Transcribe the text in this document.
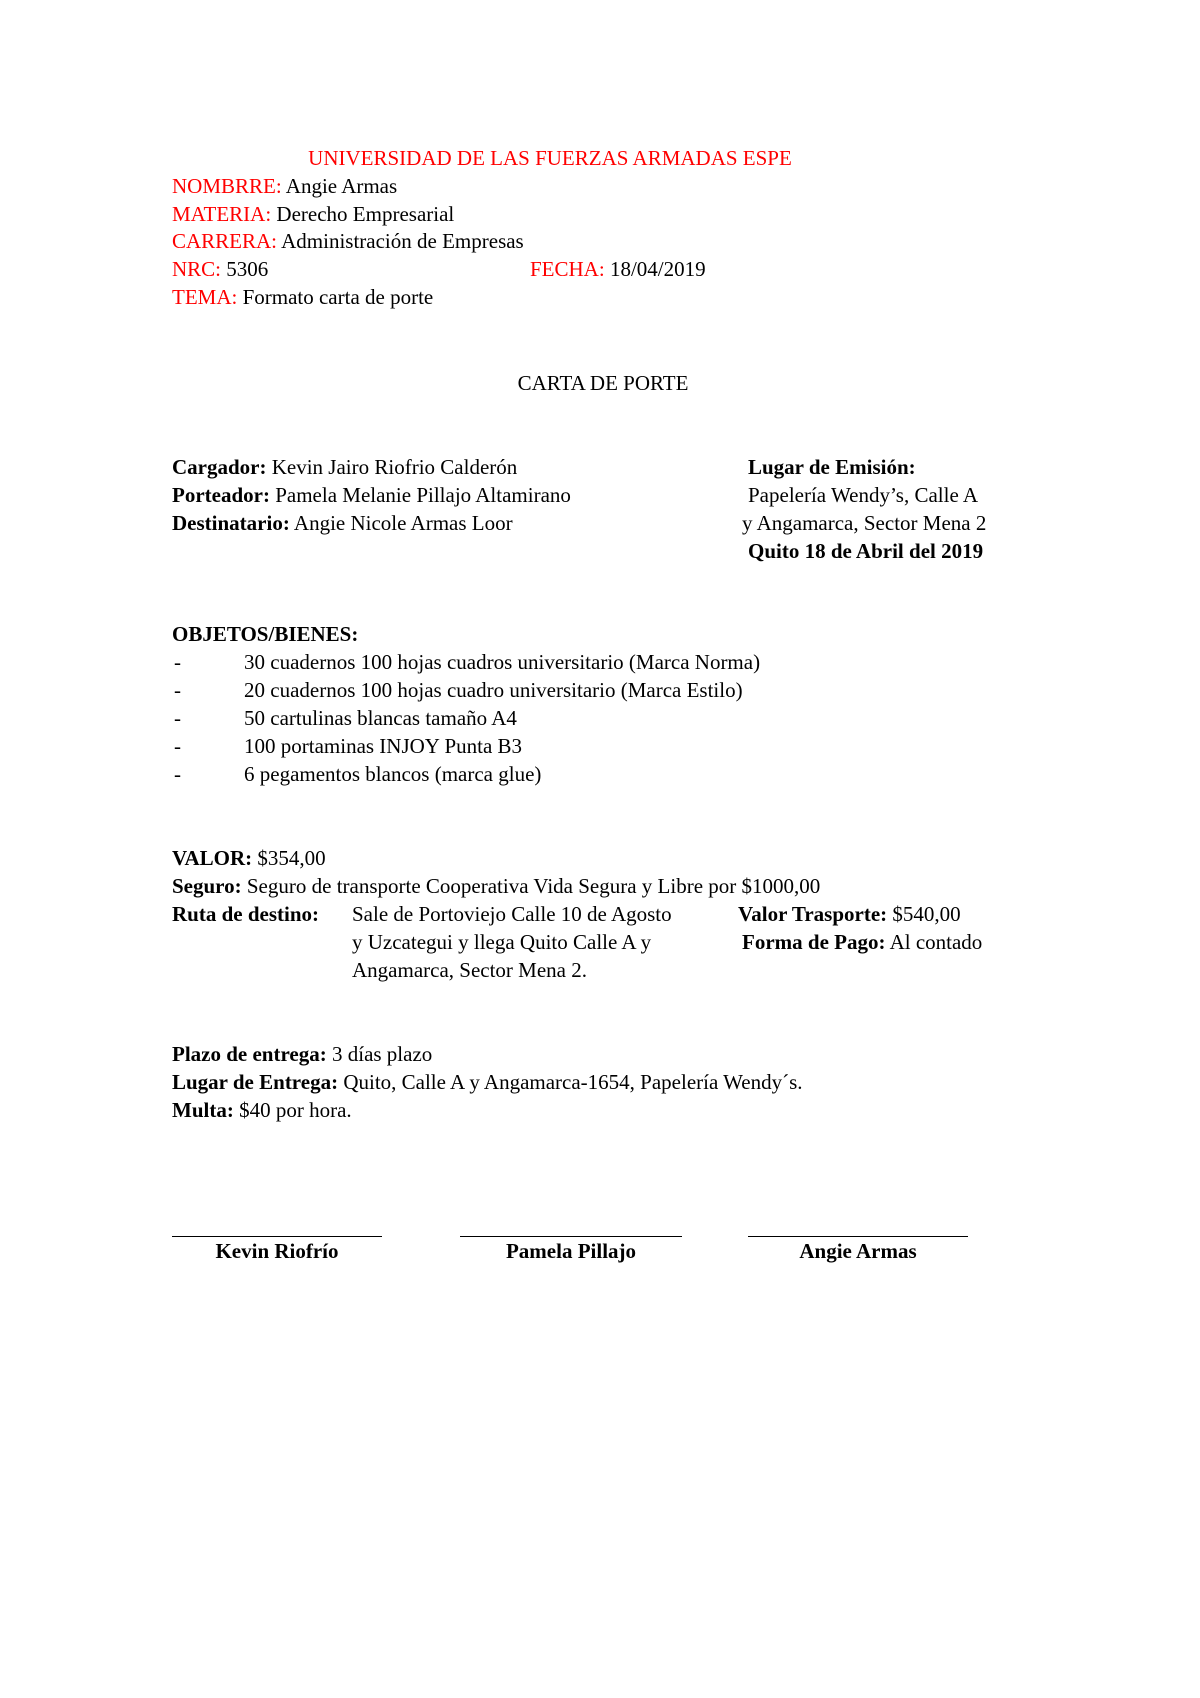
UNIVERSIDAD DE LAS FUERZAS ARMADAS ESPE
NOMBRRE: Angie Armas
MATERIA: Derecho Empresarial
CARRERA: Administración de Empresas
NRC: 5306	FECHA: 18/04/2019
TEMA: Formato carta de porte
CARTA DE PORTE
Cargador: Kevin Jairo Riofrio Calderón
Porteador: Pamela Melanie Pillajo Altamirano
Destinatario: Angie Nicole Armas Loor
Lugar de Emisión:
Papelería Wendy’s, Calle A
y Angamarca, Sector Mena 2
Quito 18 de Abril del 2019
OBJETOS/BIENES:
-	30 cuadernos 100 hojas cuadros universitario (Marca Norma)
-	20 cuadernos 100 hojas cuadro universitario (Marca Estilo)
-	50 cartulinas blancas tamaño A4
-	100 portaminas INJOY Punta B3
-	6 pegamentos blancos (marca glue)
VALOR: $354,00
Seguro: Seguro de transporte Cooperativa Vida Segura y Libre por $1000,00
Ruta de destino: Sale de Portoviejo Calle 10 de Agosto
y Uzcategui y llega Quito Calle A y
Angamarca, Sector Mena 2.
Valor Trasporte: $540,00
Forma de Pago: Al contado
Plazo de entrega: 3 días plazo
Lugar de Entrega: Quito, Calle A y Angamarca-1654, Papelería Wendy´s.
Multa: $40 por hora.
Kevin Riofrío	Pamela Pillajo	Angie Armas
